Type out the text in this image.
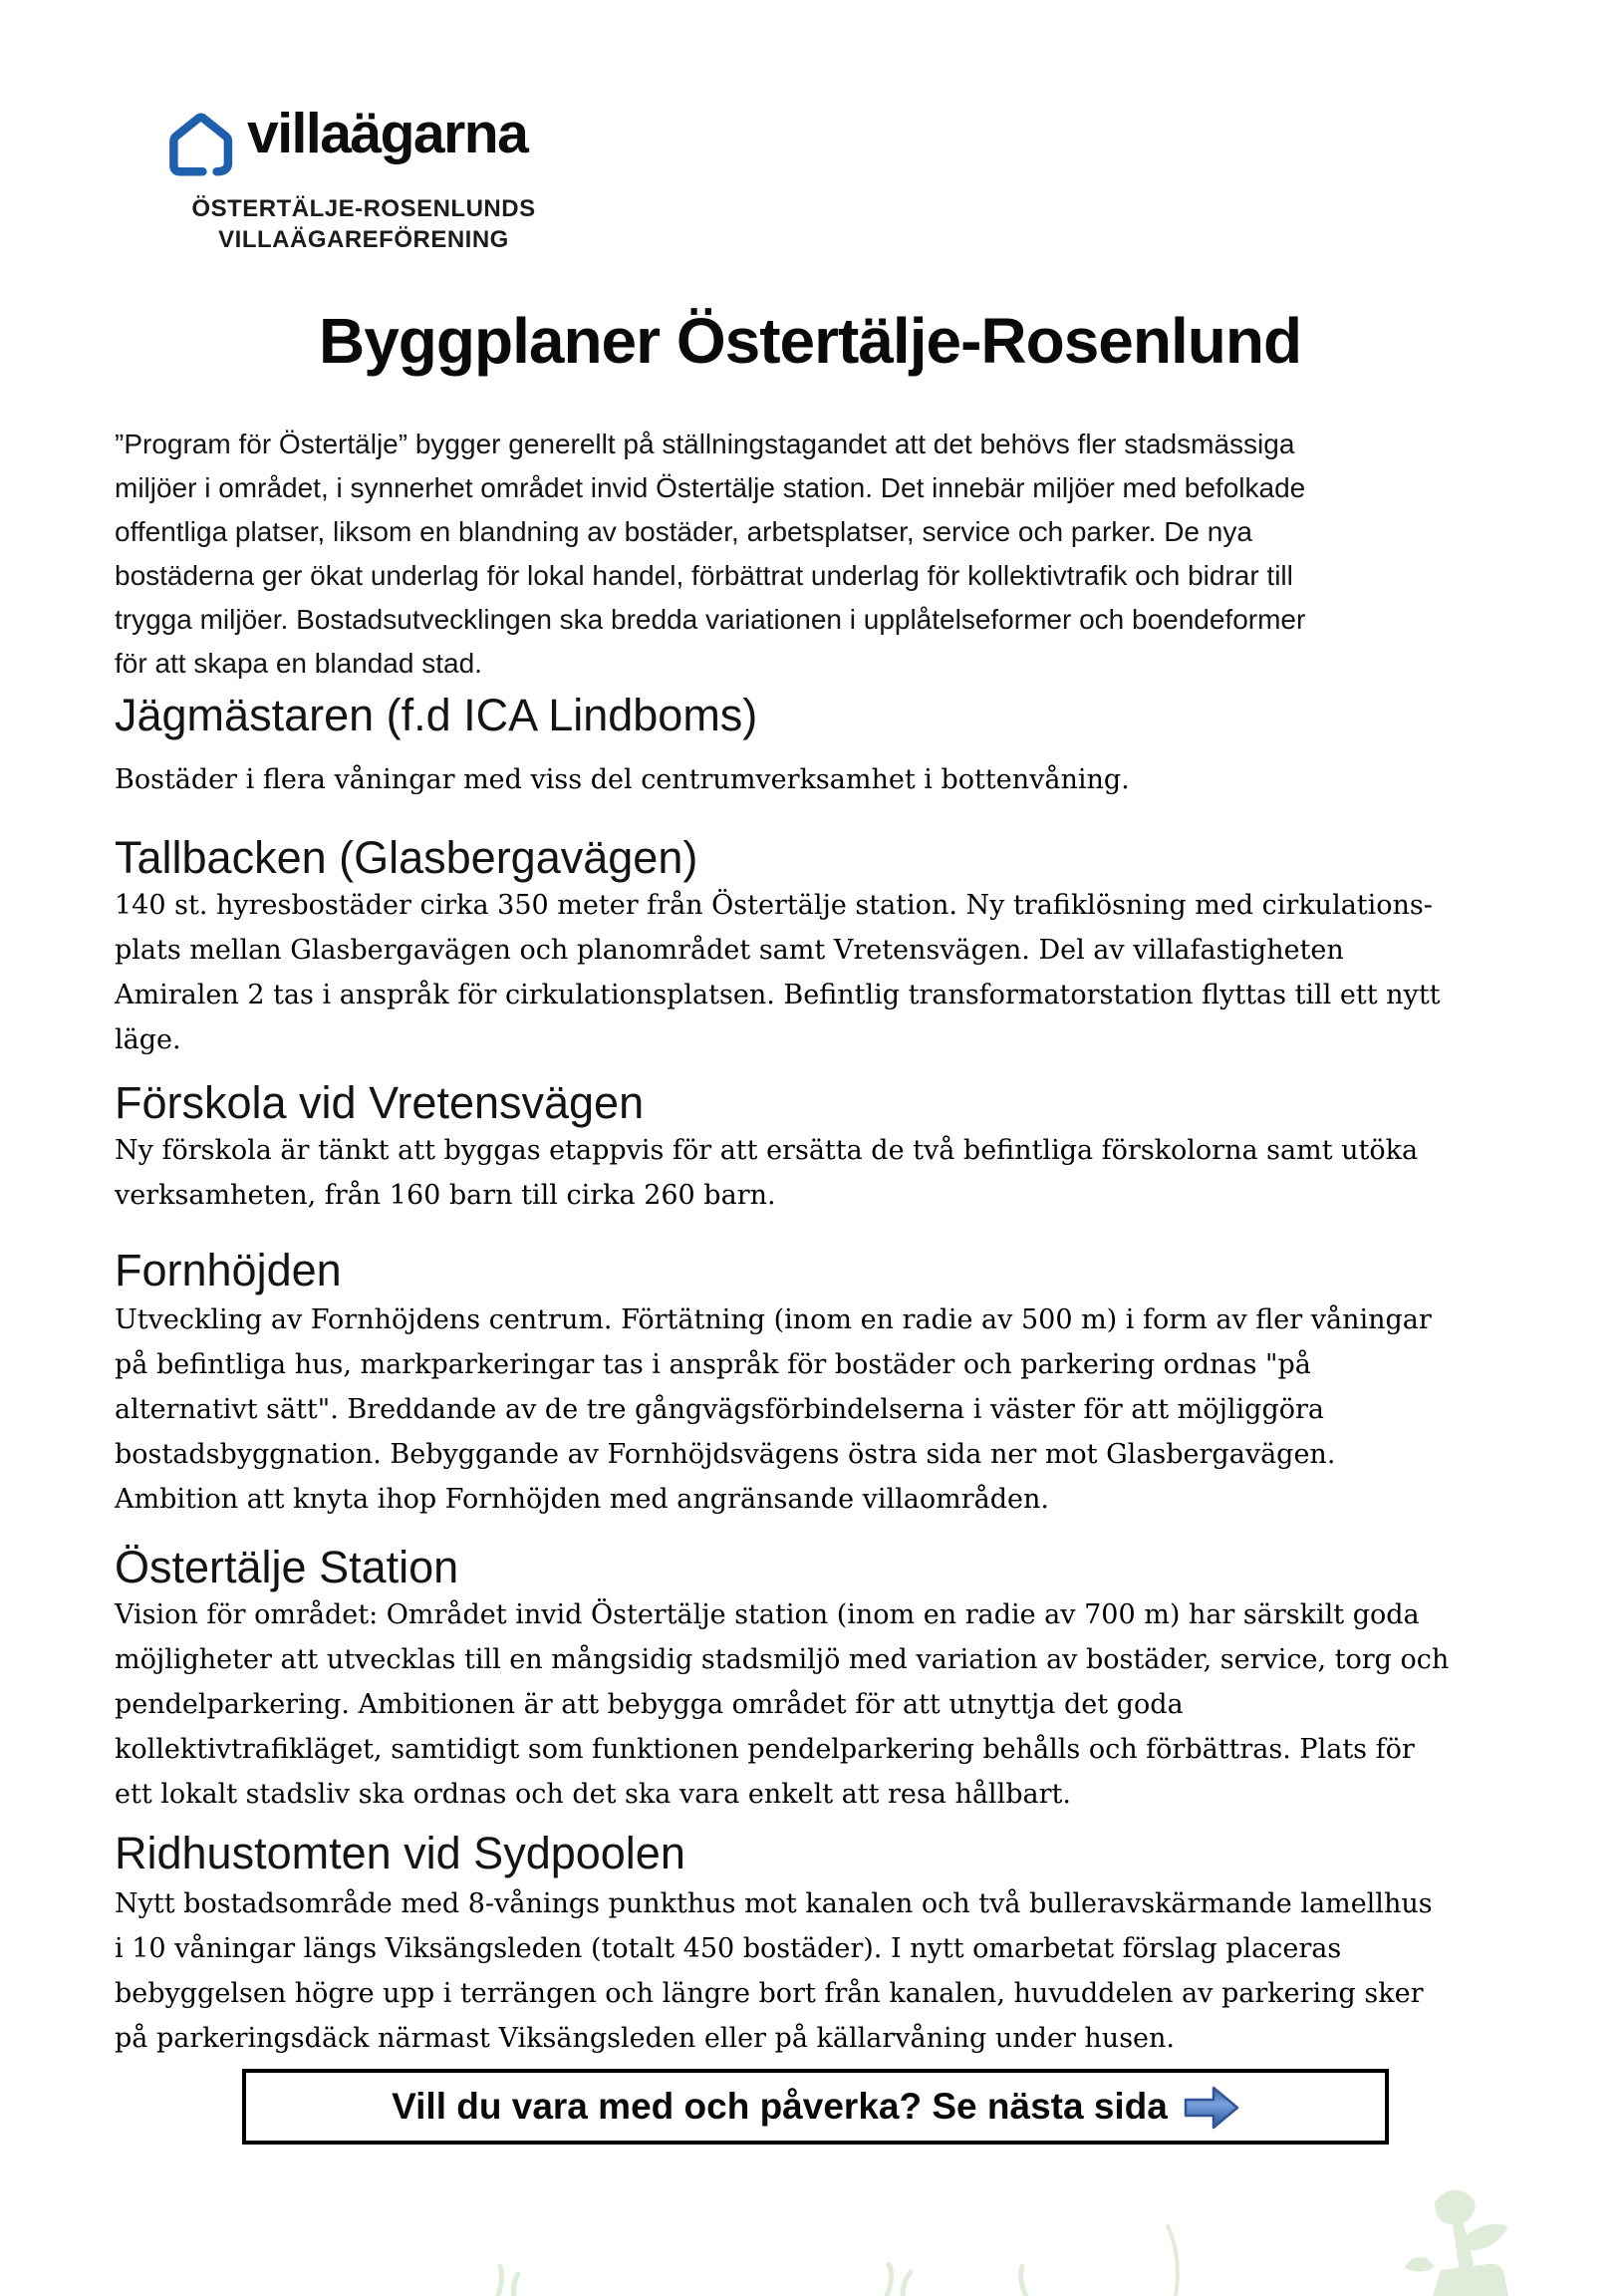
villaägarna
ÖSTERTÄLJE-ROSENLUNDS
VILLAÄGAREFÖRENING
Byggplaner Östertälje-Rosenlund
”Program för Östertälje” bygger generellt på ställningstagandet att det behövs fler stadsmässiga
miljöer i området, i synnerhet området invid Östertälje station. Det innebär miljöer med befolkade
offentliga platser, liksom en blandning av bostäder, arbetsplatser, service och parker. De nya
bostäderna ger ökat underlag för lokal handel, förbättrat underlag för kollektivtrafik och bidrar till
trygga miljöer. Bostadsutvecklingen ska bredda variationen i upplåtelseformer och boendeformer
för att skapa en blandad stad.
Jägmästaren (f.d ICA Lindboms)
Bostäder i flera våningar med viss del centrumverksamhet i bottenvåning.
Tallbacken (Glasbergavägen)
140 st. hyresbostäder cirka 350 meter från Östertälje station. Ny trafiklösning med cirkulations-
plats mellan Glasbergavägen och planområdet samt Vretensvägen. Del av villafastigheten
Amiralen 2 tas i anspråk för cirkulationsplatsen. Befintlig transformatorstation flyttas till ett nytt
läge.
Förskola vid Vretensvägen
Ny förskola är tänkt att byggas etappvis för att ersätta de två befintliga förskolorna samt utöka
verksamheten, från 160 barn till cirka 260 barn.
Fornhöjden
Utveckling av Fornhöjdens centrum. Förtätning (inom en radie av 500 m) i form av fler våningar
på befintliga hus, markparkeringar tas i anspråk för bostäder och parkering ordnas "på
alternativt sätt". Breddande av de tre gångvägsförbindelserna i väster för att möjliggöra
bostadsbyggnation. Bebyggande av Fornhöjdsvägens östra sida ner mot Glasbergavägen.
Ambition att knyta ihop Fornhöjden med angränsande villaområden.
Östertälje Station
Vision för området: Området invid Östertälje station (inom en radie av 700 m) har särskilt goda
möjligheter att utvecklas till en mångsidig stadsmiljö med variation av bostäder, service, torg och
pendelparkering. Ambitionen är att bebygga området för att utnyttja det goda
kollektivtrafikläget, samtidigt som funktionen pendelparkering behålls och förbättras. Plats för
ett lokalt stadsliv ska ordnas och det ska vara enkelt att resa hållbart.
Ridhustomten vid Sydpoolen
Nytt bostadsområde med 8-vånings punkthus mot kanalen och två bulleravskärmande lamellhus
i 10 våningar längs Viksängsleden (totalt 450 bostäder). I nytt omarbetat förslag placeras
bebyggelsen högre upp i terrängen och längre bort från kanalen, huvuddelen av parkering sker
på parkeringsdäck närmast Viksängsleden eller på källarvåning under husen.
Vill du vara med och påverka? Se nästa sida
